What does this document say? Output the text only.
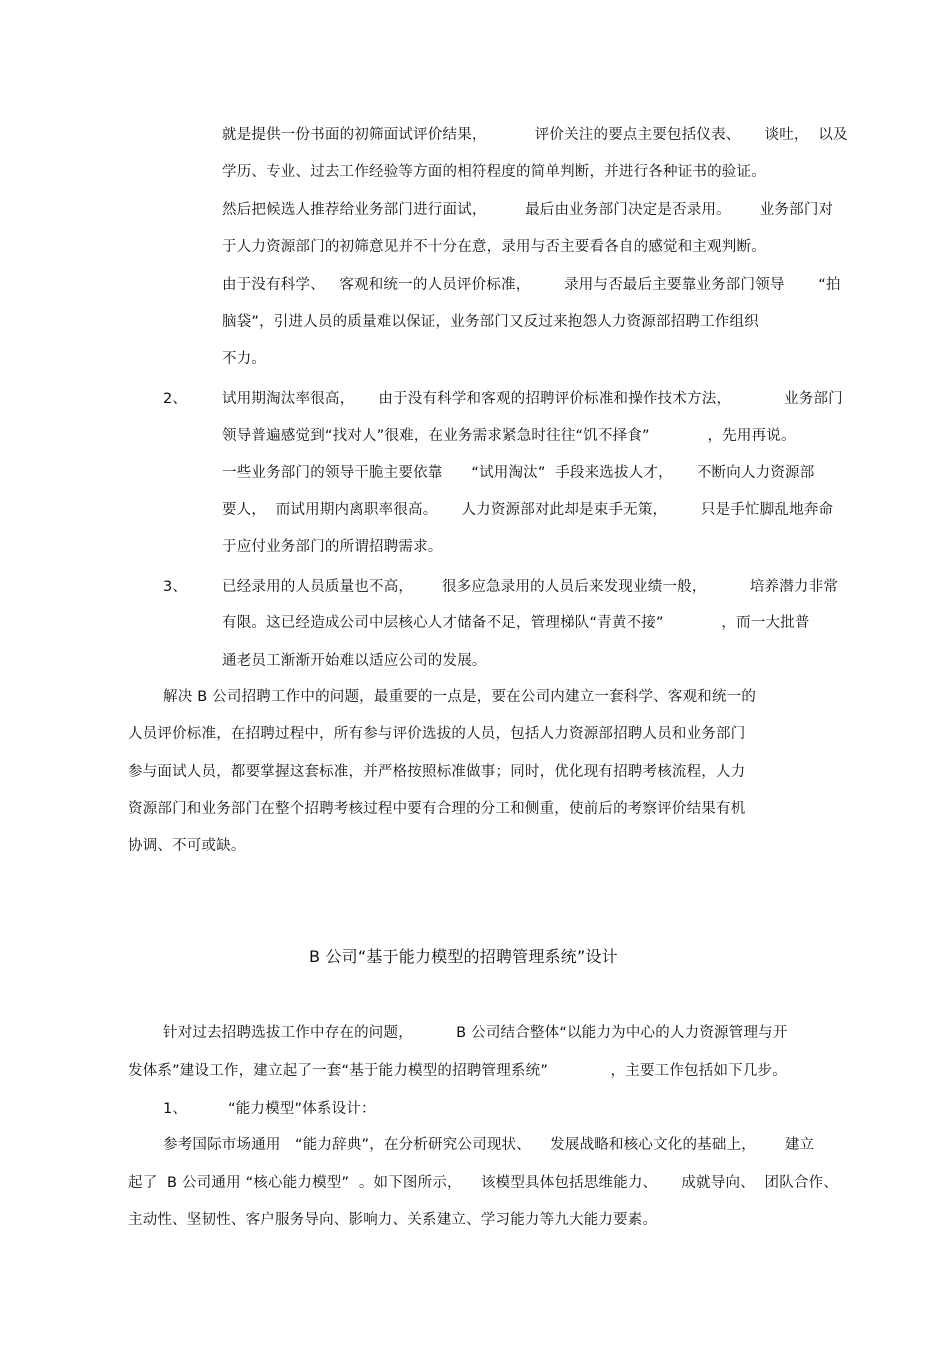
就是提供一份书面的初筛面试评价结果，          评价关注的要点主要包括仪表、     谈吐，  以及
学历、专业、过去工作经验等方面的相符程度的简单判断，并进行各种证书的验证。
然后把候选人推荐给业务部门进行面试，        最后由业务部门决定是否录用。      业务部门对
于人力资源部门的初筛意见并不十分在意，录用与否主要看各自的感觉和主观判断。
由于没有科学、   客观和统一的人员评价标准，       录用与否最后主要靠业务部门领导       “拍
脑袋”，引进人员的质量难以保证，业务部门又反过来抱怨人力资源部招聘工作组织
不力。
2、 试用期淘汰率很高，     由于没有科学和客观的招聘评价标准和操作技术方法，           业务部门
领导普遍感觉到“找对人”很难，在业务需求紧急时往往“饥不择食”            ，先用再说。
一些业务部门的领导干脆主要依靠      “试用淘汰”  手段来选拔人才，     不断向人力资源部
要人，  而试用期内离职率很高。     人力资源部对此却是束手无策，       只是手忙脚乱地奔命
于应付业务部门的所谓招聘需求。
3、 已经录用的人员质量也不高，      很多应急录用的人员后来发现业绩一般，         培养潜力非常
有限。这已经造成公司中层核心人才储备不足，管理梯队“青黄不接”            ，而一大批普
通老员工渐渐开始难以适应公司的发展。
解决 B 公司招聘工作中的问题，最重要的一点是，要在公司内建立一套科学、客观和统一的
人员评价标准，在招聘过程中，所有参与评价选拔的人员，包括人力资源部招聘人员和业务部门
参与面试人员，都要掌握这套标准，并严格按照标准做事；同时，优化现有招聘考核流程，人力
资源部门和业务部门在整个招聘考核过程中要有合理的分工和侧重，使前后的考察评价结果有机
协调、不可或缺。
B 公司“基于能力模型的招聘管理系统”设计
针对过去招聘选拔工作中存在的问题，         B 公司结合整体“以能力为中心的人力资源管理与开
发体系”建设工作，建立起了一套“基于能力模型的招聘管理系统”             ，主要工作包括如下几步。
1、	“能力模型”体系设计：
参考国际市场通用   “能力辞典”，在分析研究公司现状、    发展战略和核心文化的基础上，      建立
起了  B 公司通用 “核心能力模型”  。如下图所示，    该模型具体包括思维能力、     成就导向、  团队合作、
主动性、坚韧性、客户服务导向、影响力、关系建立、学习能力等九大能力要素。
